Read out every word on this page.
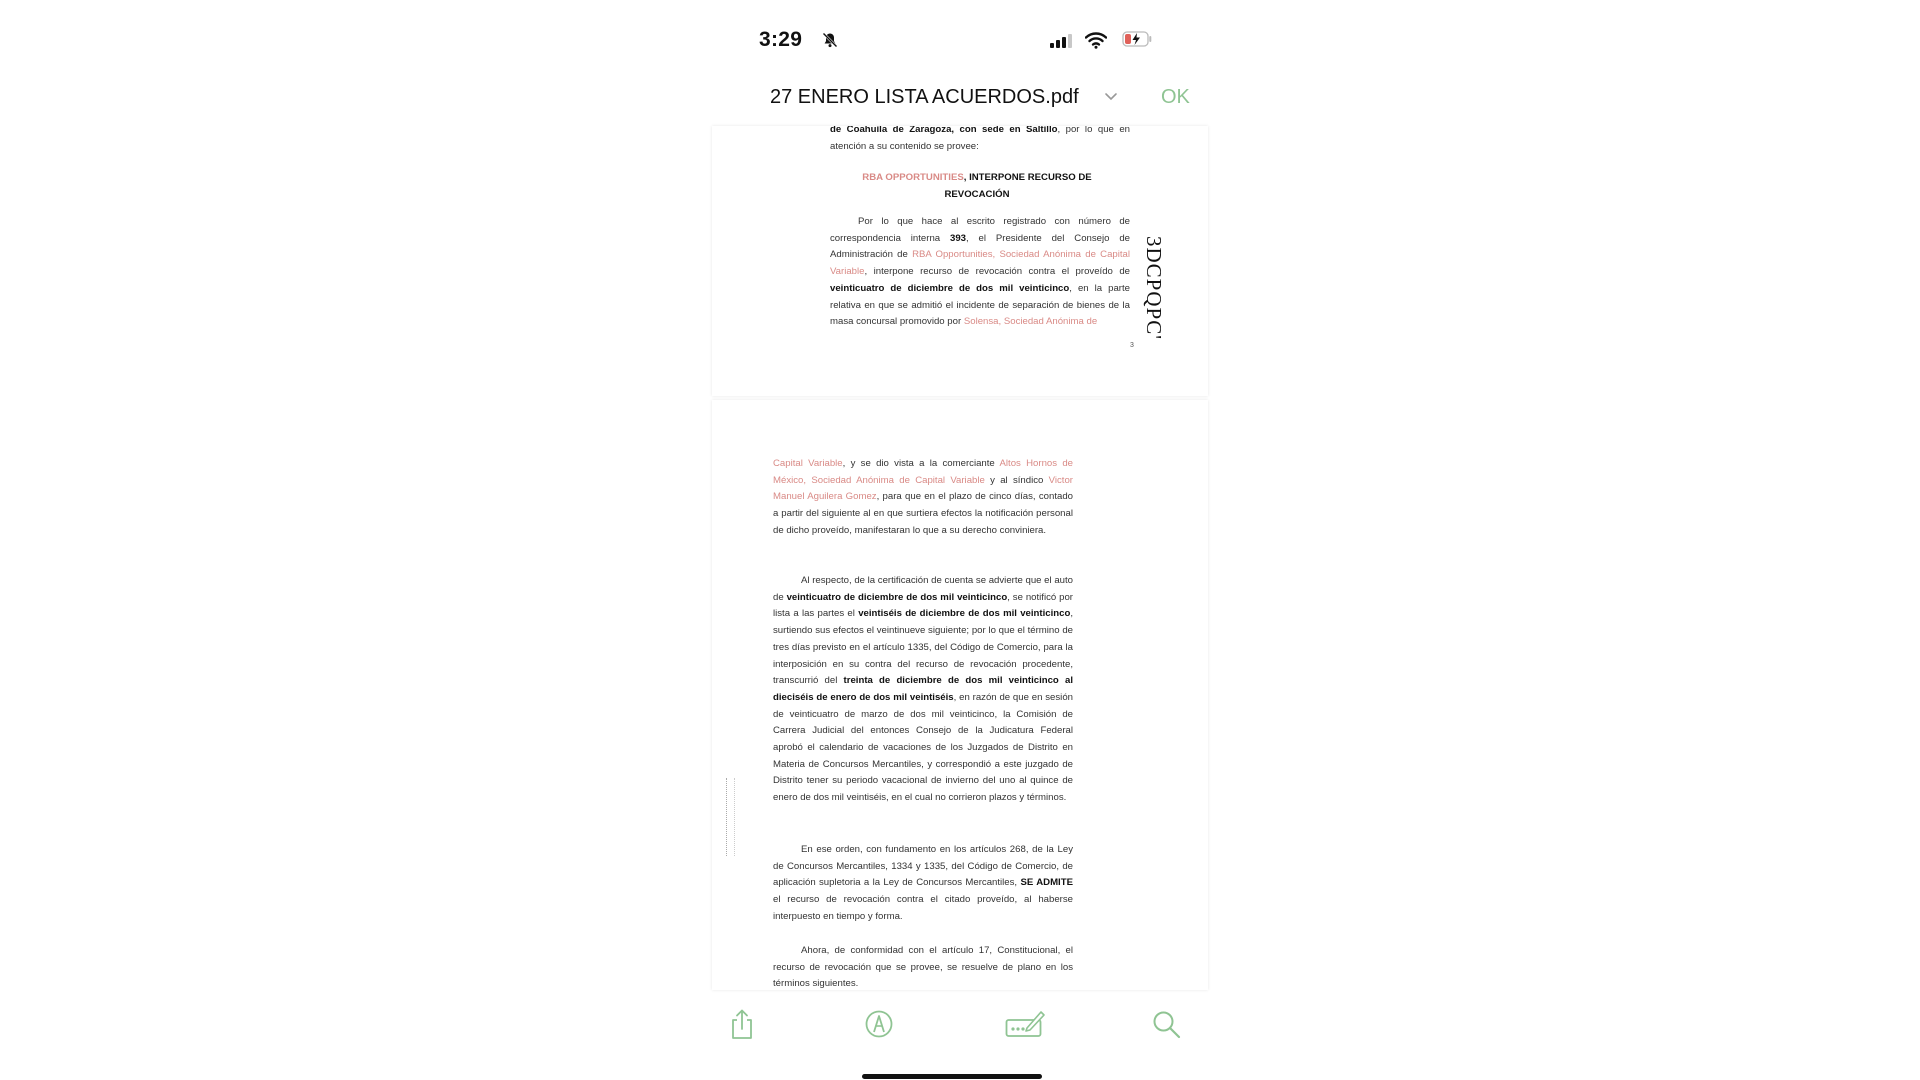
3:29
27 ENERO LISTA ACUERDOS.pdf	OK

de Coahuila de Zaragoza, con sede en Saltillo, por lo que en atención a su contenido se provee:

RBA OPPORTUNITIES, INTERPONE RECURSO DE REVOCACIÓN

Por lo que hace al escrito registrado con número de correspondencia interna 393, el Presidente del Consejo de Administración de RBA Opportunities, Sociedad Anónima de Capital Variable, interpone recurso de revocación contra el proveído de veinticuatro de diciembre de dos mil veinticinco, en la parte relativa en que se admitió el incidente de separación de bienes de la masa concursal promovido por Solensa, Sociedad Anónima de

3
3DCPQPC'

Capital Variable, y se dio vista a la comerciante Altos Hornos de México, Sociedad Anónima de Capital Variable y al síndico Victor Manuel Aguilera Gomez, para que en el plazo de cinco días, contado a partir del siguiente al en que surtiera efectos la notificación personal de dicho proveído, manifestaran lo que a su derecho conviniera.

Al respecto, de la certificación de cuenta se advierte que el auto de veinticuatro de diciembre de dos mil veinticinco, se notificó por lista a las partes el veintiséis de diciembre de dos mil veinticinco, surtiendo sus efectos el veintinueve siguiente; por lo que el término de tres días previsto en el artículo 1335, del Código de Comercio, para la interposición en su contra del recurso de revocación procedente, transcurrió del treinta de diciembre de dos mil veinticinco al dieciséis de enero de dos mil veintiséis, en razón de que en sesión de veinticuatro de marzo de dos mil veinticinco, la Comisión de Carrera Judicial del entonces Consejo de la Judicatura Federal aprobó el calendario de vacaciones de los Juzgados de Distrito en Materia de Concursos Mercantiles, y correspondió a este juzgado de Distrito tener su periodo vacacional de invierno del uno al quince de enero de dos mil veintiséis, en el cual no corrieron plazos y términos.

En ese orden, con fundamento en los artículos 268, de la Ley de Concursos Mercantiles, 1334 y 1335, del Código de Comercio, de aplicación supletoria a la Ley de Concursos Mercantiles, SE ADMITE el recurso de revocación contra el citado proveído, al haberse interpuesto en tiempo y forma.

Ahora, de conformidad con el artículo 17, Constitucional, el recurso de revocación que se provee, se resuelve de plano en los términos siguientes.
